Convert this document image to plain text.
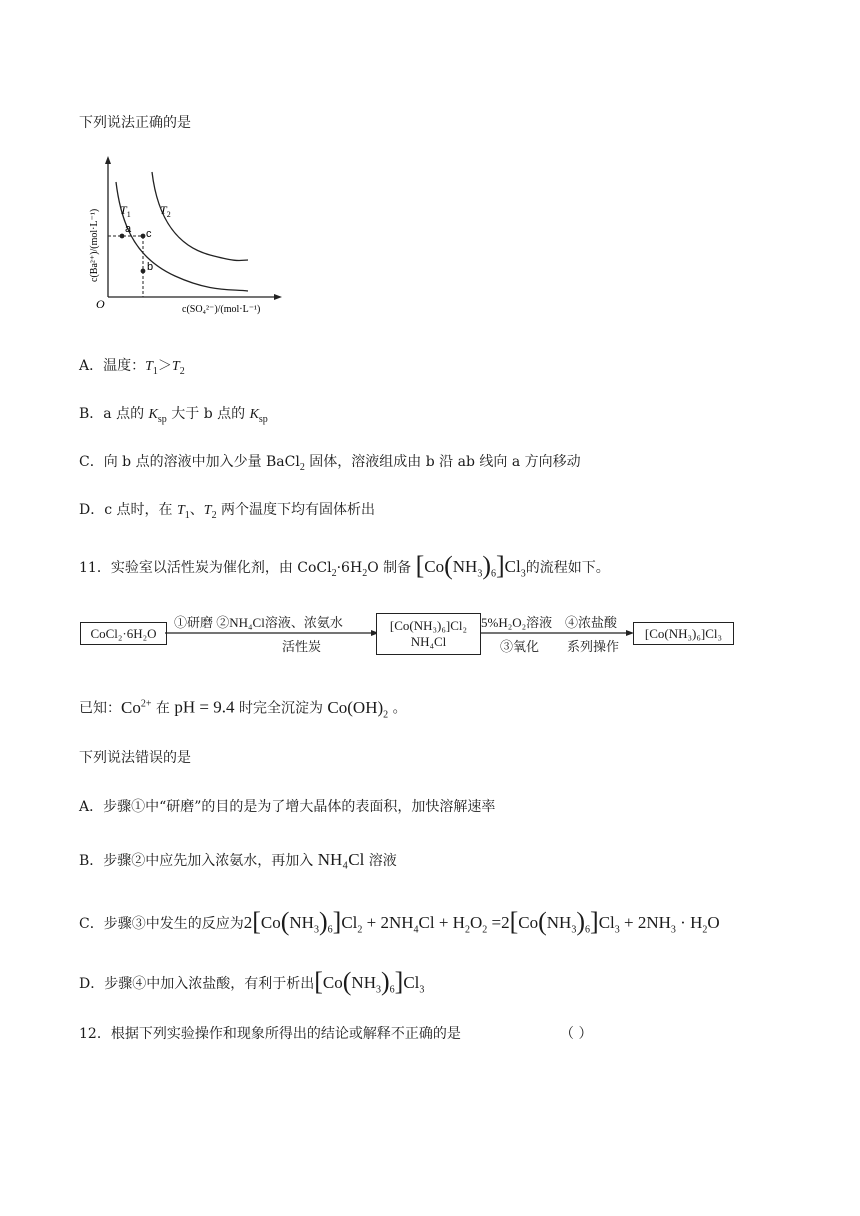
下列说法正确的是
a c
b
$T_1$ $T_2$
O	c(SO₄²⁻)/(mol·L⁻¹)
c(Ba²⁺)/(mol·L⁻¹)
A．温度：$T_1>T_2$
B．a 点的 $K_{sp}$ 大于 b 点的 $K_{sp}$
C．向 b 点的溶液中加入少量 BaCl$_2$ 固体，溶液组成由 b 沿 ab 线向 a 方向移动
D．c 点时，在 $T_1$、$T_2$ 两个温度下均有固体析出
11．实验室以活性炭为催化剂，由 $CoCl_2\cdot 6H_2O$ 制备 $[Co(NH_3)_6]Cl_3$的流程如下。
CoCl₂·6H₂O
①研磨 ②NH₄Cl溶液、浓氨水
活性炭
[Co(NH₃)₆]Cl₂
NH₄Cl
5%H₂O₂溶液
③氧化
④浓盐酸
系列操作
[Co(NH₃)₆]Cl₃
已知：$Co^{2+}$ 在 pH = 9.4 时完全沉淀为 $Co(OH)_2$ 。
下列说法错误的是
A．步骤①中“研磨”的目的是为了增大晶体的表面积，加快溶解速率
B．步骤②中应先加入浓氨水，再加入 NH₄Cl 溶液
C．步骤③中发生的反应为$2[Co(NH_3)_6]Cl_2 + 2NH_4Cl + H_2O_2 =2[Co(NH_3)_6]Cl_3 + 2NH_3 \cdot H_2O$
D．步骤④中加入浓盐酸，有利于析出$[Co(NH_3)_6]Cl_3$
12．根据下列实验操作和现象所得出的结论或解释不正确的是	（ ）
